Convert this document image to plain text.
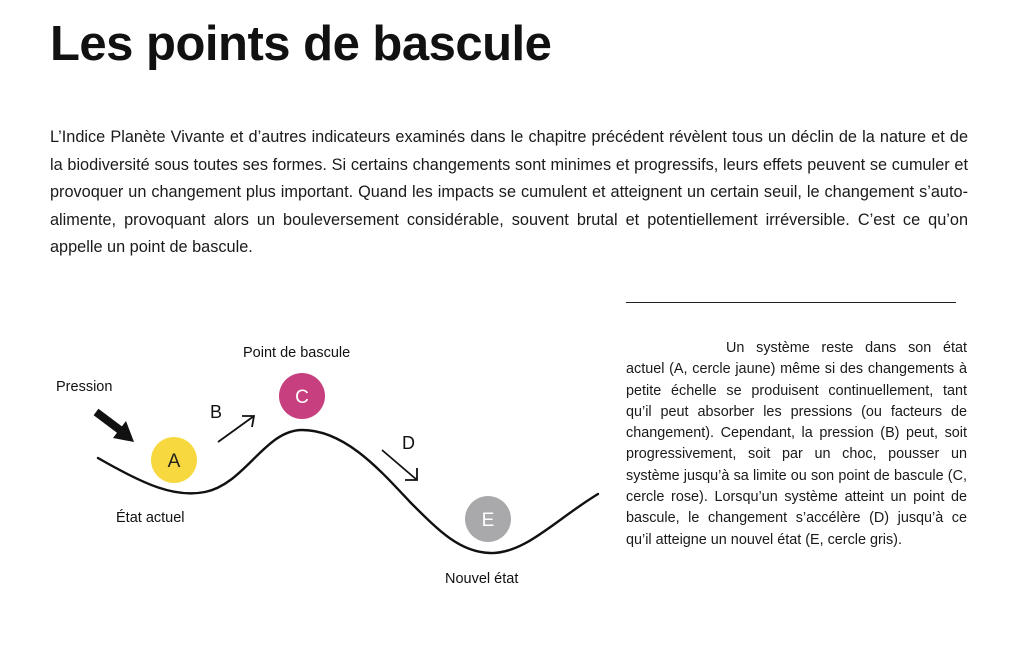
Les points de bascule

L’Indice Planète Vivante et d’autres indicateurs examinés dans le chapitre précédent révèlent tous un déclin de la nature et de la biodiversité sous toutes ses formes. Si certains changements sont minimes et progressifs, leurs effets peuvent se cumuler et provoquer un changement plus important. Quand les impacts se cumulent et atteignent un certain seuil, le changement s’auto-alimente, provoquant alors un bouleversement considérable, souvent brutal et potentiellement irréversible. C’est ce qu’on appelle un point de bascule.

A
C
E
Pression
Point de bascule
B
D
État actuel
Nouvel état

Un système reste dans son état actuel (A, cercle jaune) même si des changements à petite échelle se produisent continuellement, tant qu’il peut absorber les pressions (ou facteurs de changement). Cependant, la pression (B) peut, soit progressivement, soit par un choc, pousser un système jusqu’à sa limite ou son point de bascule (C, cercle rose). Lorsqu’un système atteint un point de bascule, le changement s’accélère (D) jusqu’à ce qu’il atteigne un nouvel état (E, cercle gris).
